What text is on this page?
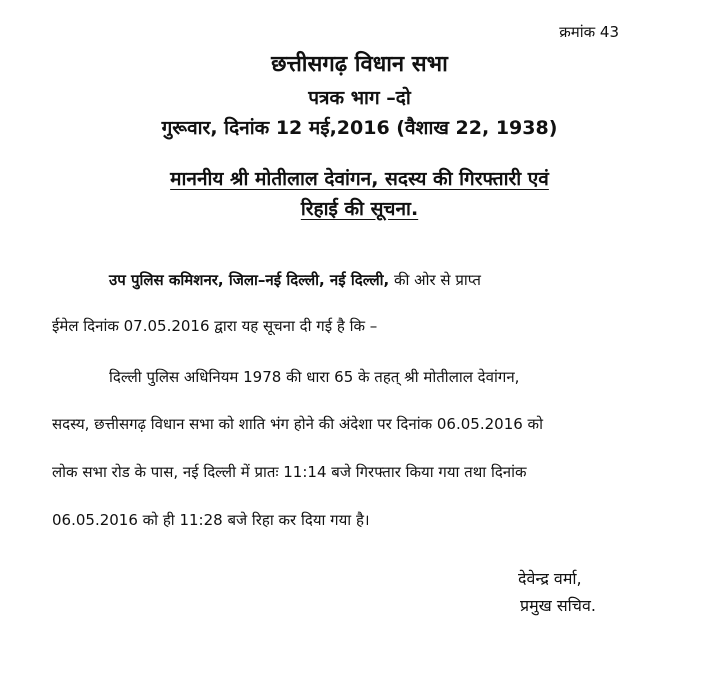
क्रमांक 43
छत्तीसगढ़ विधान सभा
पत्रक भाग –दो
गुरूवार, दिनांक 12 मई,2016 (वैशाख 22, 1938)
माननीय श्री मोतीलाल देवांगन, सदस्य की गिरफ्तारी एवं
रिहाई की सूचना.
उप पुलिस कमिशनर, जिला–नई दिल्ली, नई दिल्ली, की ओर से प्राप्त
ईमेल दिनांक 07.05.2016 द्वारा यह सूचना दी गई है कि –
दिल्ली पुलिस अधिनियम 1978 की धारा 65 के तहत् श्री मोतीलाल देवांगन,
सदस्य, छत्तीसगढ़ विधान सभा को शाति भंग होने की अंदेशा पर दिनांक 06.05.2016 को
लोक सभा रोड के पास, नई दिल्ली में प्रातः 11:14 बजे गिरफ्तार किया गया तथा दिनांक
06.05.2016 को ही 11:28 बजे रिहा कर दिया गया है।
देवेन्द्र वर्मा,
प्रमुख सचिव.
